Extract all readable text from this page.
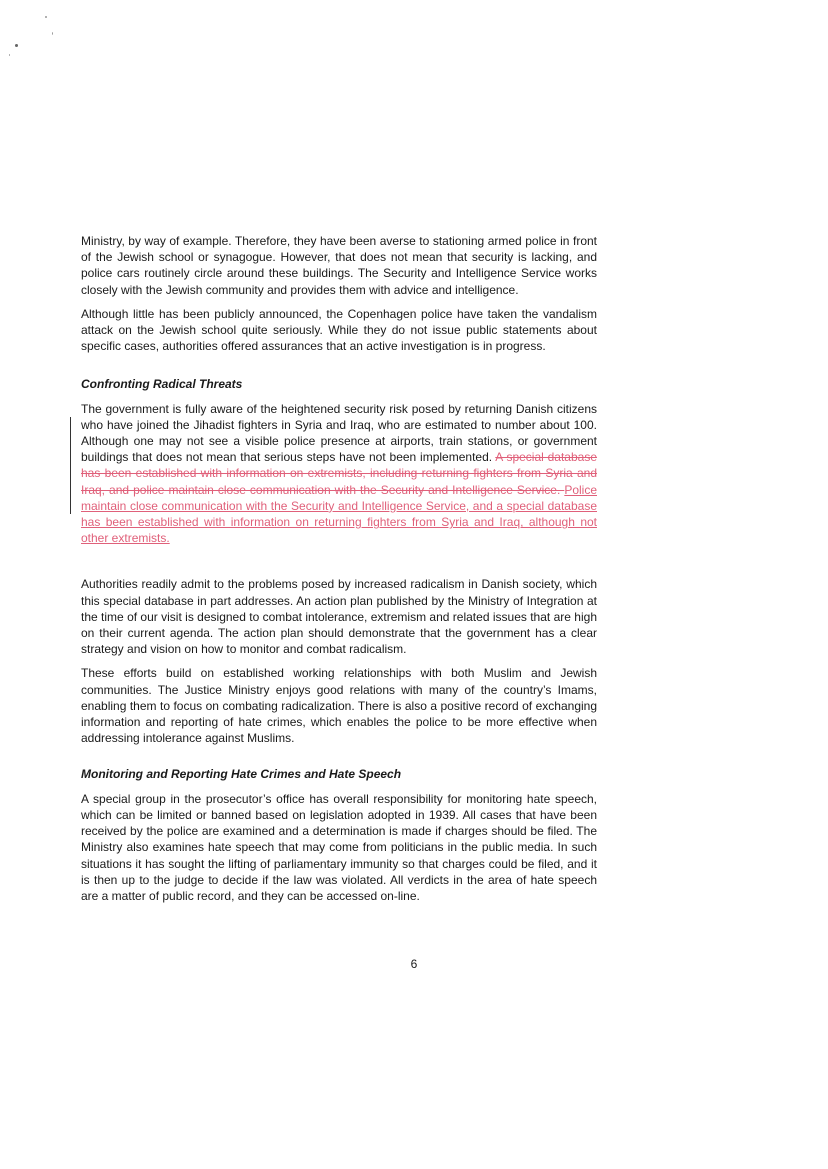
Ministry, by way of example. Therefore, they have been averse to stationing armed police in front of the Jewish school or synagogue. However, that does not mean that security is lacking, and police cars routinely circle around these buildings. The Security and Intelligence Service works closely with the Jewish community and provides them with advice and intelligence.

Although little has been publicly announced, the Copenhagen police have taken the vandalism attack on the Jewish school quite seriously. While they do not issue public statements about specific cases, authorities offered assurances that an active investigation is in progress.

Confronting Radical Threats

The government is fully aware of the heightened security risk posed by returning Danish citizens who have joined the Jihadist fighters in Syria and Iraq, who are estimated to number about 100. Although one may not see a visible police presence at airports, train stations, or government buildings that does not mean that serious steps have not been implemented. A special database has been established with information on extremists, including returning fighters from Syria and Iraq, and police maintain close communication with the Security and Intelligence Service. Police maintain close communication with the Security and Intelligence Service, and a special database has been established with information on returning fighters from Syria and Iraq, although not other extremists.

Authorities readily admit to the problems posed by increased radicalism in Danish society, which this special database in part addresses. An action plan published by the Ministry of Integration at the time of our visit is designed to combat intolerance, extremism and related issues that are high on their current agenda. The action plan should demonstrate that the government has a clear strategy and vision on how to monitor and combat radicalism.

These efforts build on established working relationships with both Muslim and Jewish communities. The Justice Ministry enjoys good relations with many of the country’s Imams, enabling them to focus on combating radicalization. There is also a positive record of exchanging information and reporting of hate crimes, which enables the police to be more effective when addressing intolerance against Muslims.

Monitoring and Reporting Hate Crimes and Hate Speech

A special group in the prosecutor’s office has overall responsibility for monitoring hate speech, which can be limited or banned based on legislation adopted in 1939. All cases that have been received by the police are examined and a determination is made if charges should be filed. The Ministry also examines hate speech that may come from politicians in the public media. In such situations it has sought the lifting of parliamentary immunity so that charges could be filed, and it is then up to the judge to decide if the law was violated. All verdicts in the area of hate speech are a matter of public record, and they can be accessed on-line.

6
